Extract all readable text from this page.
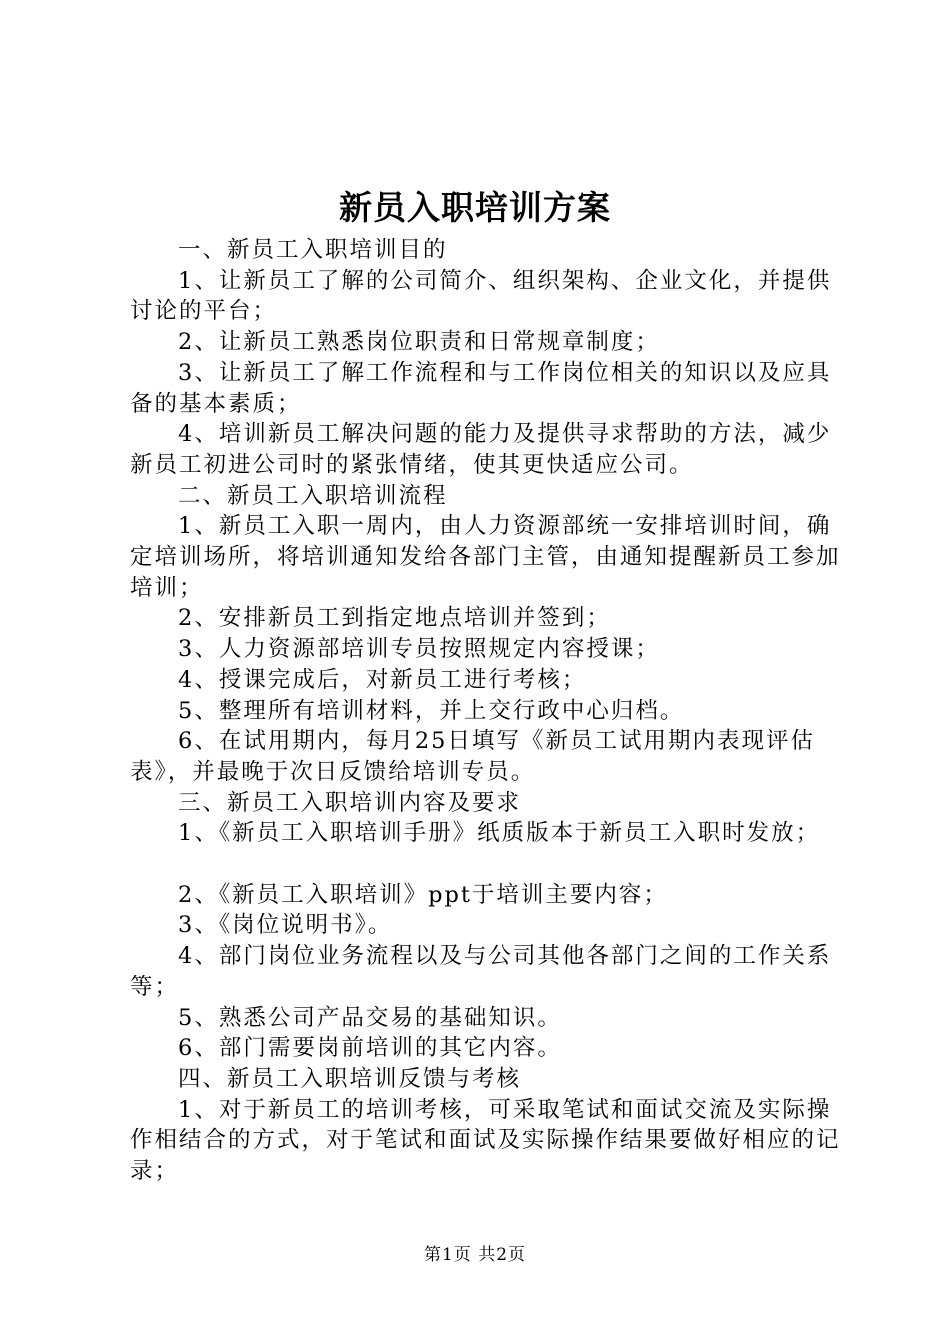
新员入职培训方案

一、新员工入职培训目的

1、让新员工了解的公司简介、组织架构、企业文化，并提供讨论的平台；

2、让新员工熟悉岗位职责和日常规章制度；

3、让新员工了解工作流程和与工作岗位相关的知识以及应具备的基本素质；

4、培训新员工解决问题的能力及提供寻求帮助的方法，减少新员工初进公司时的紧张情绪，使其更快适应公司。

二、新员工入职培训流程

1、新员工入职一周内，由人力资源部统一安排培训时间，确定培训场所，将培训通知发给各部门主管，由通知提醒新员工参加培训；

2、安排新员工到指定地点培训并签到；

3、人力资源部培训专员按照规定内容授课；

4、授课完成后，对新员工进行考核；

5、整理所有培训材料，并上交行政中心归档。

6、在试用期内，每月25日填写《新员工试用期内表现评估表》，并最晚于次日反馈给培训专员。

三、新员工入职培训内容及要求

1、《新员工入职培训手册》纸质版本于新员工入职时发放；

2、《新员工入职培训》ppt于培训主要内容；

3、《岗位说明书》。

4、部门岗位业务流程以及与公司其他各部门之间的工作关系等；

5、熟悉公司产品交易的基础知识。

6、部门需要岗前培训的其它内容。

四、新员工入职培训反馈与考核

1、对于新员工的培训考核，可采取笔试和面试交流及实际操作相结合的方式，对于笔试和面试及实际操作结果要做好相应的记录；

第1页 共2页
